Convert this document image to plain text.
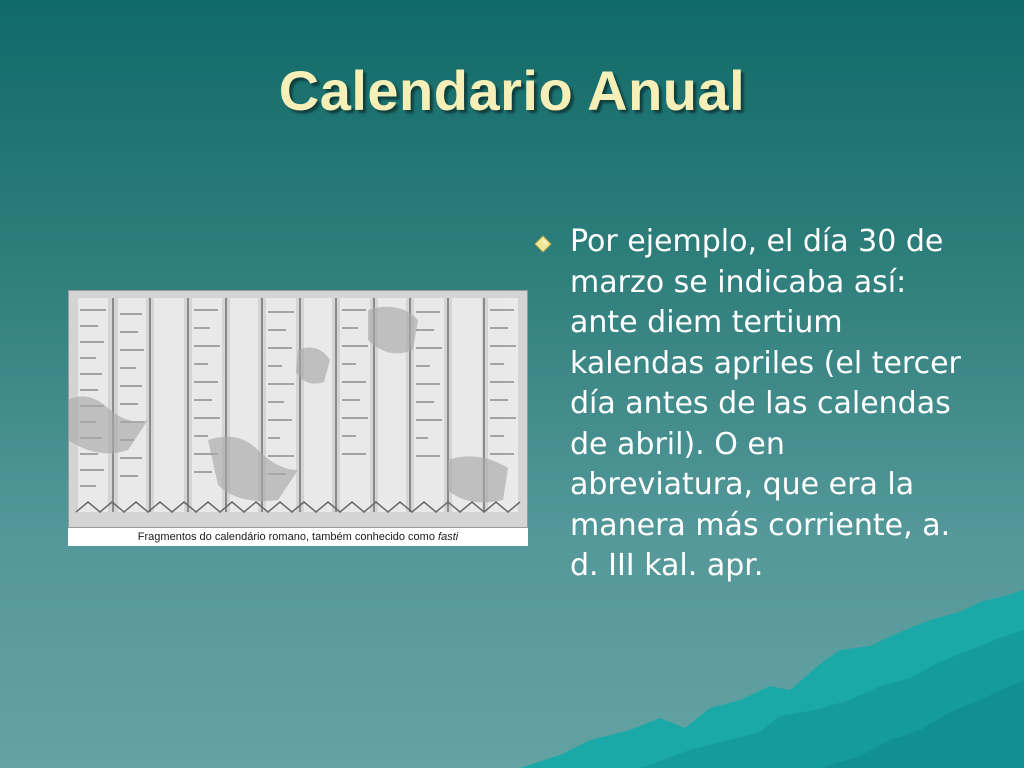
Calendario Anual
Fragmentos do calendário romano, também conhecido como fasti
Por ejemplo, el día 30 de marzo se indicaba así: ante diem tertium kalendas apriles (el tercer día antes de las calendas de abril). O en abreviatura, que era la manera más corriente, a. d. III kal. apr.
